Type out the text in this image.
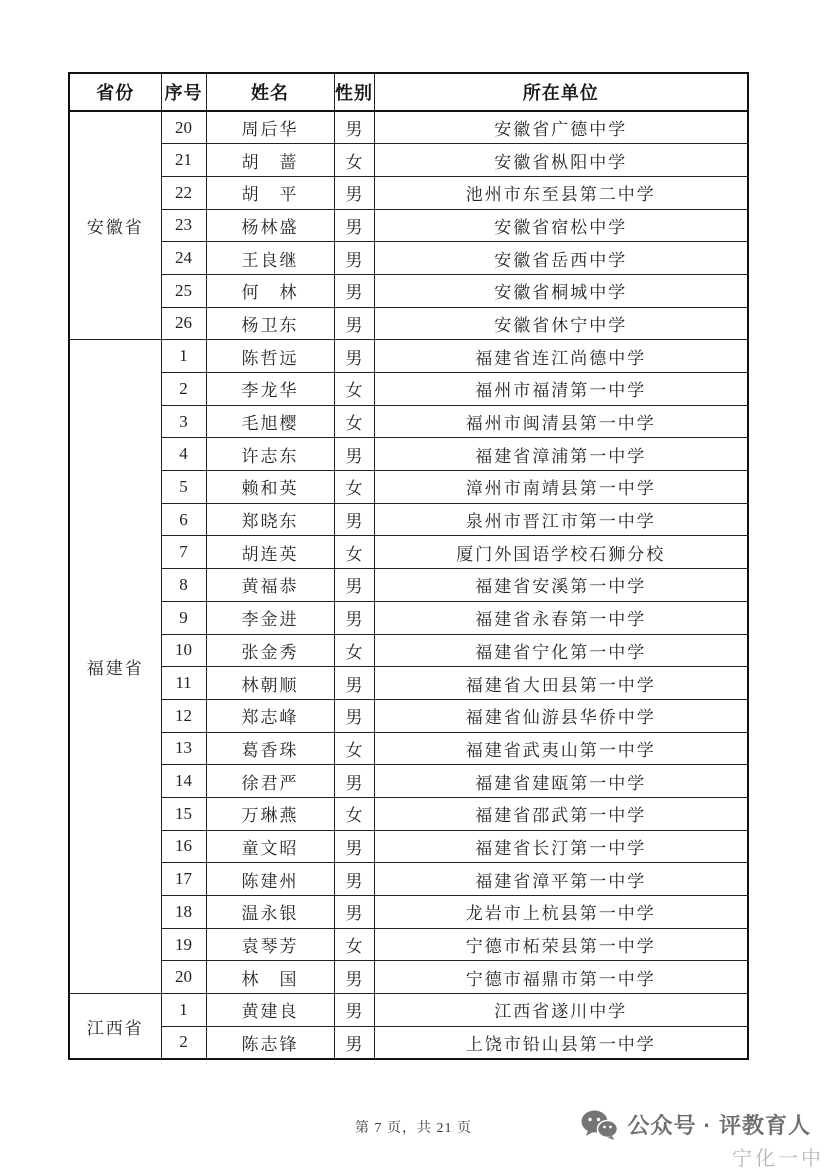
省份	序号	姓名	性别	所在单位
安徽省	20	周后华	男	安徽省广德中学
	21	胡　蔷	女	安徽省枞阳中学
	22	胡　平	男	池州市东至县第二中学
	23	杨林盛	男	安徽省宿松中学
	24	王良继	男	安徽省岳西中学
	25	何　林	男	安徽省桐城中学
	26	杨卫东	男	安徽省休宁中学
福建省	1	陈哲远	男	福建省连江尚德中学
	2	李龙华	女	福州市福清第一中学
	3	毛旭樱	女	福州市闽清县第一中学
	4	许志东	男	福建省漳浦第一中学
	5	赖和英	女	漳州市南靖县第一中学
	6	郑晓东	男	泉州市晋江市第一中学
	7	胡连英	女	厦门外国语学校石狮分校
	8	黄福恭	男	福建省安溪第一中学
	9	李金进	男	福建省永春第一中学
	10	张金秀	女	福建省宁化第一中学
	11	林朝顺	男	福建省大田县第一中学
	12	郑志峰	男	福建省仙游县华侨中学
	13	葛香珠	女	福建省武夷山第一中学
	14	徐君严	男	福建省建瓯第一中学
	15	万琳燕	女	福建省邵武第一中学
	16	童文昭	男	福建省长汀第一中学
	17	陈建州	男	福建省漳平第一中学
	18	温永银	男	龙岩市上杭县第一中学
	19	袁琴芳	女	宁德市柘荣县第一中学
	20	林　国	男	宁德市福鼎市第一中学
江西省	1	黄建良	男	江西省遂川中学
	2	陈志锋	男	上饶市铅山县第一中学
第 7 页，共 21 页	公众号 · 评教育人
宁化一中
